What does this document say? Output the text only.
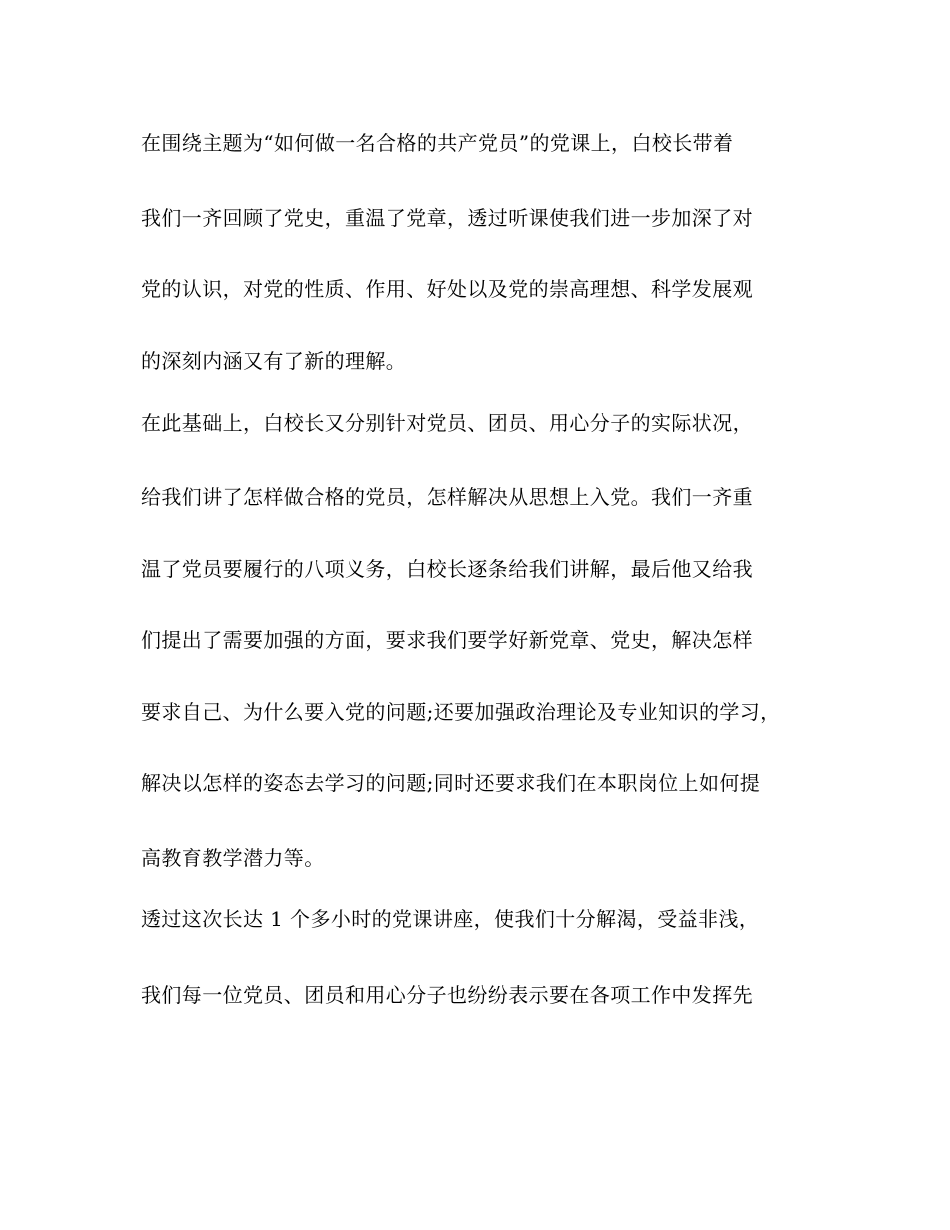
在围绕主题为“如何做一名合格的共产党员”的党课上，白校长带着
我们一齐回顾了党史，重温了党章，透过听课使我们进一步加深了对
党的认识，对党的性质、作用、好处以及党的崇高理想、科学发展观
的深刻内涵又有了新的理解。
在此基础上，白校长又分别针对党员、团员、用心分子的实际状况，
给我们讲了怎样做合格的党员，怎样解决从思想上入党。我们一齐重
温了党员要履行的八项义务，白校长逐条给我们讲解，最后他又给我
们提出了需要加强的方面，要求我们要学好新党章、党史，解决怎样
要求自己、为什么要入党的问题;还要加强政治理论及专业知识的学习，
解决以怎样的姿态去学习的问题;同时还要求我们在本职岗位上如何提
高教育教学潜力等。
透过这次长达 1 个多小时的党课讲座，使我们十分解渴，受益非浅，
我们每一位党员、团员和用心分子也纷纷表示要在各项工作中发挥先
